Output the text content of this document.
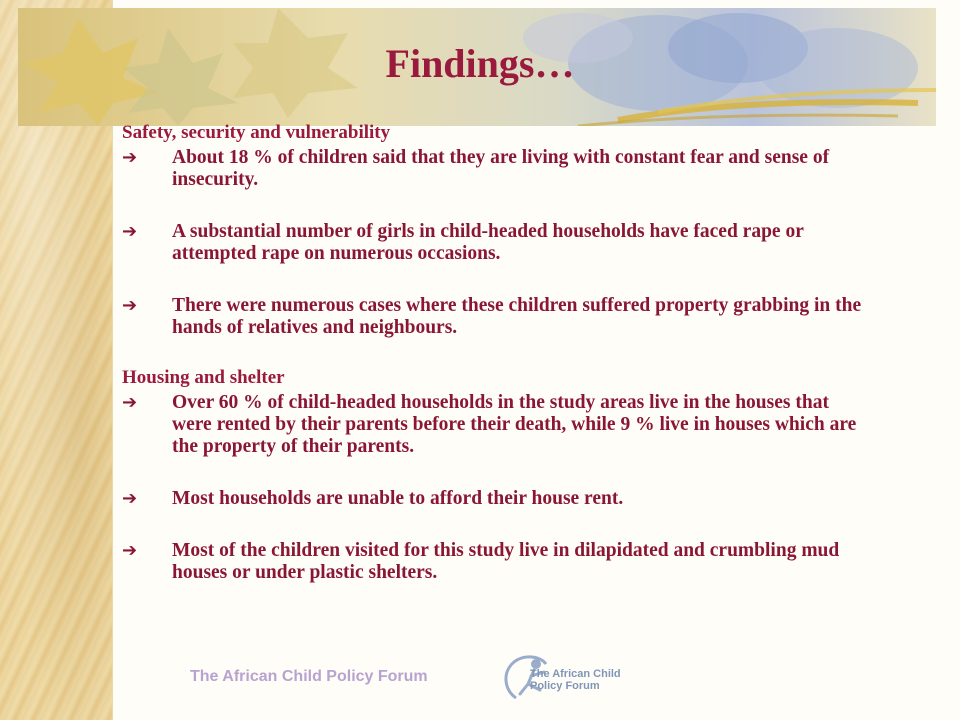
Findings…

Safety, security and vulnerability

➔	About 18 % of children said that they are living with constant fear and sense of insecurity.
➔	A substantial number of girls in child-headed households have faced rape or attempted rape on numerous occasions.
➔	There were numerous cases where these children suffered property grabbing in the hands of relatives and neighbours.

Housing and shelter

➔	Over 60 % of child-headed households in the study areas live in the houses that were rented by their parents before their death, while 9 % live in houses which are the property of their parents.
➔	Most households are unable to afford their house rent.
➔	Most of the children visited for this study live in dilapidated and crumbling mud houses or under plastic shelters.
The African Child Policy Forum	The African Child Policy Forum
